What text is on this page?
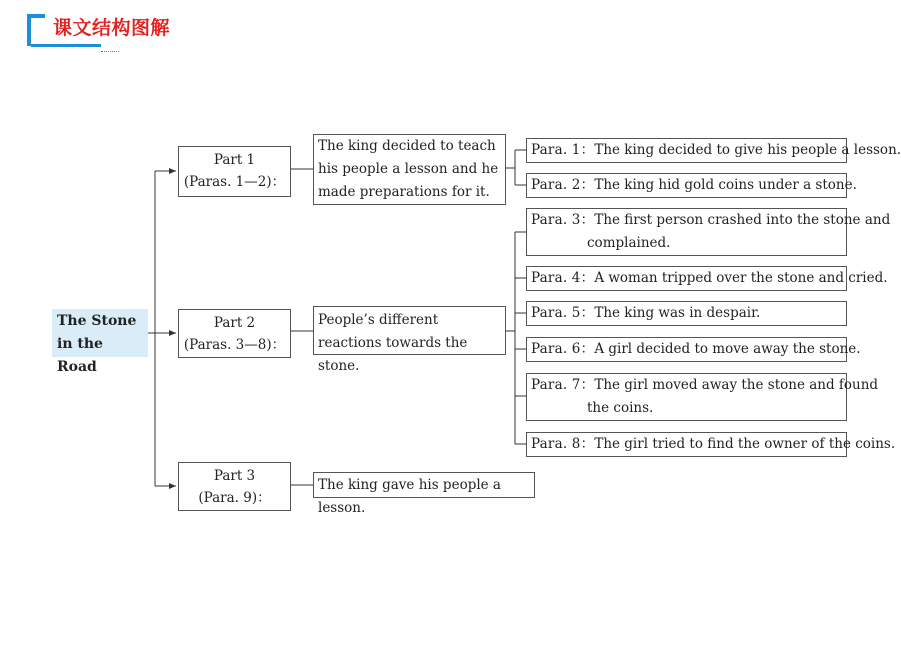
课文结构图解
The Stone in the Road
Part 1
(Paras. 1—2)：
Part 2
(Paras. 3—8)：
Part 3
(Para. 9)：
The king decided to teach his people a lesson and he made preparations for it.
People’s different reactions towards the stone.
The king gave his people a lesson.
Para. 1：The king decided to give his people a lesson.
Para. 2：The king hid gold coins under a stone.
Para. 3：The first person crashed into the stone and
complained.
Para. 4：A woman tripped over the stone and cried.
Para. 5：The king was in despair.
Para. 6：A girl decided to move away the stone.
Para. 7：The girl moved away the stone and found
the coins.
Para. 8：The girl tried to find the owner of the coins.
